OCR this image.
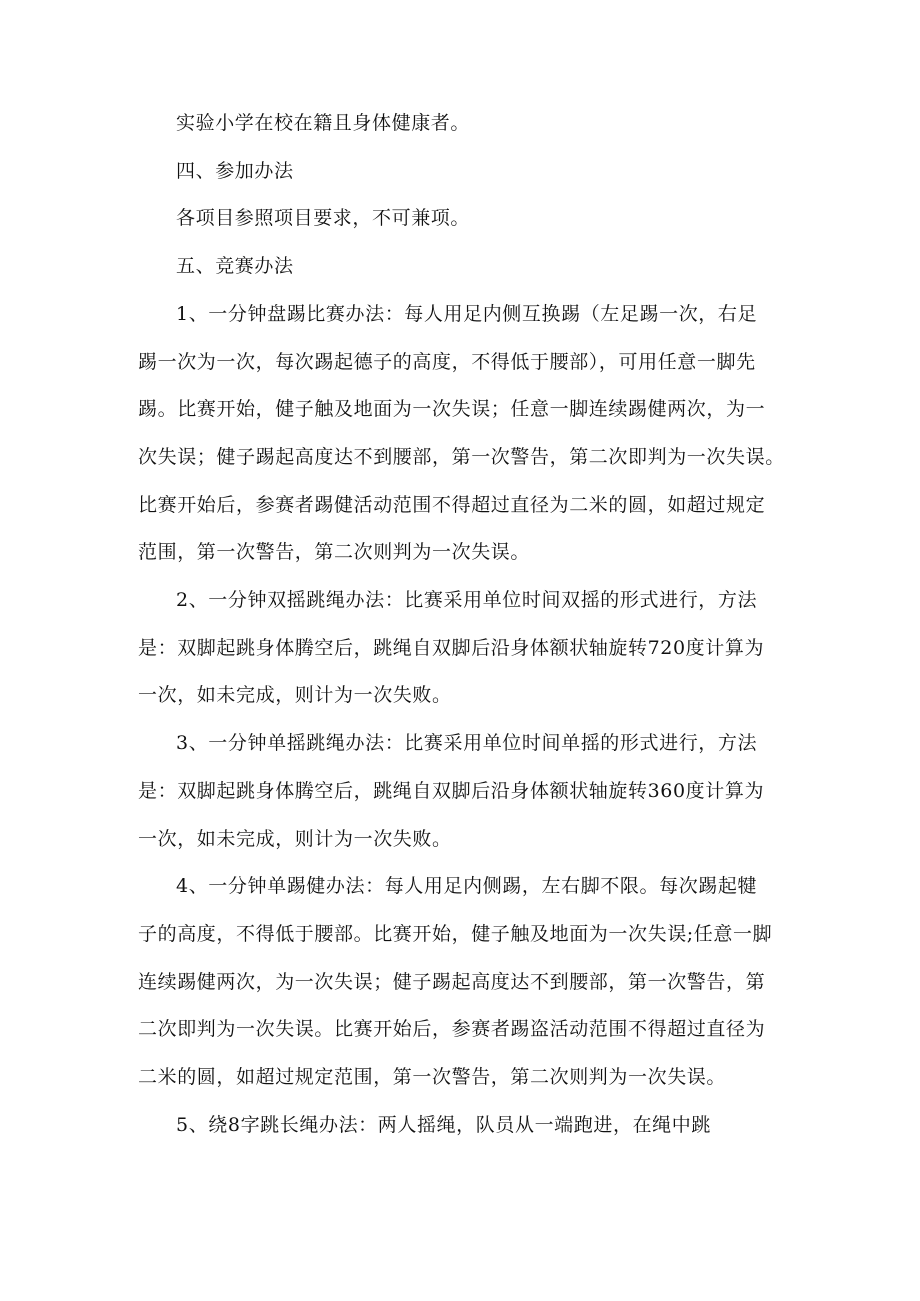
实验小学在校在籍且身体健康者。

四、参加办法

各项目参照项目要求，不可兼项。

五、竞赛办法

1、一分钟盘踢比赛办法：每人用足内侧互换踢（左足踢一次，右足
踢一次为一次，每次踢起德子的高度，不得低于腰部），可用任意一脚先
踢。比赛开始，健子触及地面为一次失误；任意一脚连续踢健两次，为一
次失误；健子踢起高度达不到腰部，第一次警告，第二次即判为一次失误。
比赛开始后，参赛者踢健活动范围不得超过直径为二米的圆，如超过规定
范围，第一次警告，第二次则判为一次失误。

2、一分钟双摇跳绳办法：比赛采用单位时间双摇的形式进行，方法
是：双脚起跳身体腾空后，跳绳自双脚后沿身体额状轴旋转720度计算为
一次，如未完成，则计为一次失败。

3、一分钟单摇跳绳办法：比赛采用单位时间单摇的形式进行，方法
是：双脚起跳身体腾空后，跳绳自双脚后沿身体额状轴旋转360度计算为
一次，如未完成，则计为一次失败。

4、一分钟单踢健办法：每人用足内侧踢，左右脚不限。每次踢起犍
子的高度，不得低于腰部。比赛开始，健子触及地面为一次失误;任意一脚
连续踢健两次，为一次失误；健子踢起高度达不到腰部，第一次警告，第
二次即判为一次失误。比赛开始后，参赛者踢盗活动范围不得超过直径为
二米的圆，如超过规定范围，第一次警告，第二次则判为一次失误。

5、绕8字跳长绳办法：两人摇绳，队员从一端跑进，在绳中跳
